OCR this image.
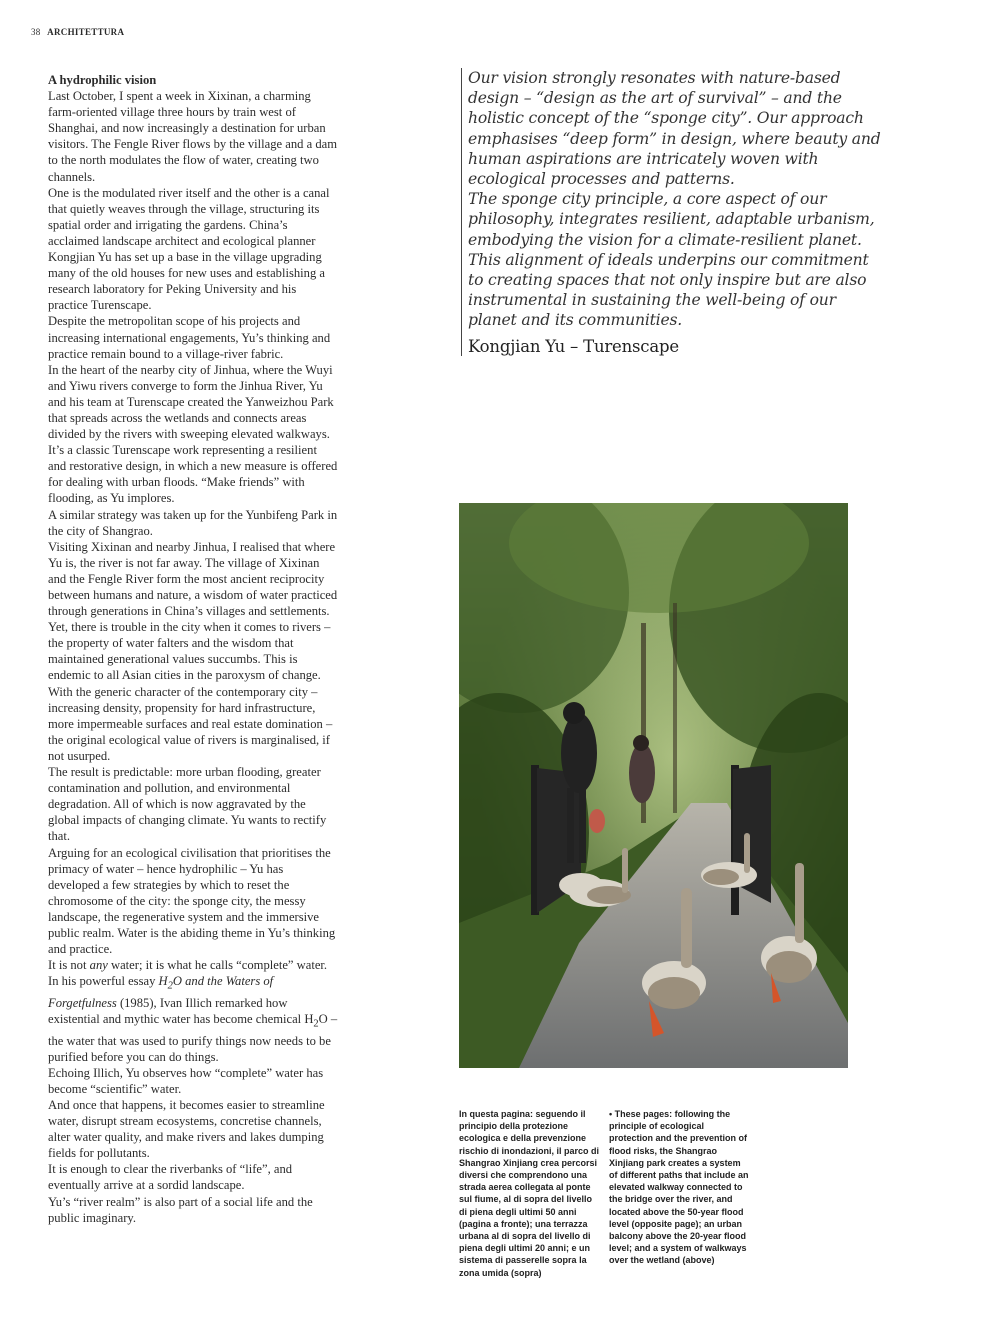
38 ARCHITETTURA
A hydrophilic vision

Last October, I spent a week in Xixinan, a charming farm-oriented village three hours by train west of Shanghai, and now increasingly a destination for urban visitors. The Fengle River flows by the village and a dam to the north modulates the flow of water, creating two channels.

One is the modulated river itself and the other is a canal that quietly weaves through the village, structuring its spatial order and irrigating the gardens. China’s acclaimed landscape architect and ecological planner Kongjian Yu has set up a base in the village upgrading many of the old houses for new uses and establishing a research laboratory for Peking University and his practice Turenscape.

Despite the metropolitan scope of his projects and increasing international engagements, Yu’s thinking and practice remain bound to a village-river fabric.

In the heart of the nearby city of Jinhua, where the Wuyi and Yiwu rivers converge to form the Jinhua River, Yu and his team at Turenscape created the Yanweizhou Park that spreads across the wetlands and connects areas divided by the rivers with sweeping elevated walkways.

It’s a classic Turenscape work representing a resilient and restorative design, in which a new measure is offered for dealing with urban floods. “Make friends” with flooding, as Yu implores.

A similar strategy was taken up for the Yunbifeng Park in the city of Shangrao.

Visiting Xixinan and nearby Jinhua, I realised that where Yu is, the river is not far away. The village of Xixinan and the Fengle River form the most ancient reciprocity between humans and nature, a wisdom of water practiced through generations in China’s villages and settlements.

Yet, there is trouble in the city when it comes to rivers – the property of water falters and the wisdom that maintained generational values succumbs. This is endemic to all Asian cities in the paroxysm of change. With the generic character of the contemporary city – increasing density, propensity for hard infrastructure, more impermeable surfaces and real estate domination – the original ecological value of rivers is marginalised, if not usurped.

The result is predictable: more urban flooding, greater contamination and pollution, and environmental degradation. All of which is now aggravated by the global impacts of changing climate. Yu wants to rectify that.

Arguing for an ecological civilisation that prioritises the primacy of water – hence hydrophilic – Yu has developed a few strategies by which to reset the chromosome of the city: the sponge city, the messy landscape, the regenerative system and the immersive public realm. Water is the abiding theme in Yu’s thinking and practice.

It is not any water; it is what he calls “complete” water. In his powerful essay $H_2O$ and the Waters of Forgetfulness (1985), Ivan Illich remarked how existential and mythic water has become chemical $H_2O$ – the water that was used to purify things now needs to be purified before you can do things.

Echoing Illich, Yu observes how “complete” water has become “scientific” water.

And once that happens, it becomes easier to streamline water, disrupt stream ecosystems, concretise channels, alter water quality, and make rivers and lakes dumping fields for pollutants.

It is enough to clear the riverbanks of “life”, and eventually arrive at a sordid landscape.

Yu’s “river realm” is also part of a social life and the public imaginary.

Our vision strongly resonates with nature-based design – “design as the art of survival” – and the holistic concept of the “sponge city”. Our approach emphasises “deep form” in design, where beauty and human aspirations are intricately woven with ecological processes and patterns.

The sponge city principle, a core aspect of our philosophy, integrates resilient, adaptable urbanism, embodying the vision for a climate-resilient planet. This alignment of ideals underpins our commitment to creating spaces that not only inspire but are also instrumental in sustaining the well-being of our planet and its communities.

Kongjian Yu – Turenscape
In questa pagina: seguendo il principio della protezione ecologica e della prevenzione rischio di inondazioni, il parco di Shangrao Xinjiang crea percorsi diversi che comprendono una strada aerea collegata al ponte sul fiume, al di sopra del livello di piena degli ultimi 50 anni (pagina a fronte); una terrazza urbana al di sopra del livello di piena degli ultimi 20 anni; e un sistema di passerelle sopra la zona umida (sopra)
• These pages: following the principle of ecological protection and the prevention of flood risks, the Shangrao Xinjiang park creates a system of different paths that include an elevated walkway connected to the bridge over the river, and located above the 50-year flood level (opposite page); an urban balcony above the 20-year flood level; and a system of walkways over the wetland (above)
